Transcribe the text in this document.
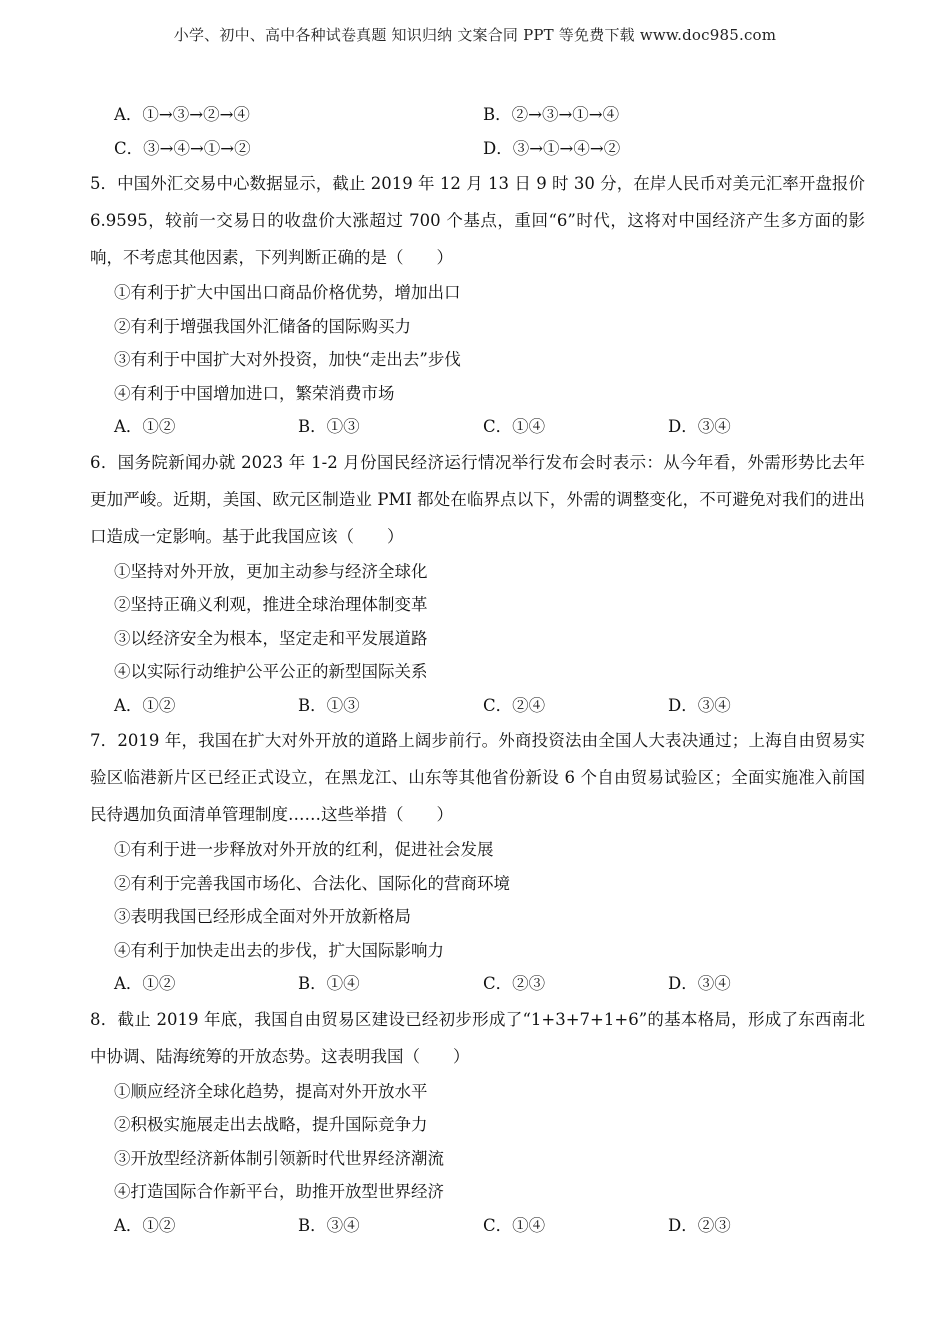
小学、初中、高中各种试卷真题 知识归纳 文案合同 PPT 等免费下载 www.doc985.com
A．①→③→②→④	B．②→③→①→④
C．③→④→①→②	D．③→①→④→②
5．中国外汇交易中心数据显示，截止 2019 年 12 月 13 日 9 时 30 分，在岸人民币对美元汇率开盘报价 6.9595，较前一交易日的收盘价大涨超过 700 个基点，重回“6”时代，这将对中国经济产生多方面的影响，不考虑其他因素，下列判断正确的是（　　）
①有利于扩大中国出口商品价格优势，增加出口
②有利于增强我国外汇储备的国际购买力
③有利于中国扩大对外投资，加快“走出去”步伐
④有利于中国增加进口，繁荣消费市场
A．①②	B．①③	C．①④	D．③④
6．国务院新闻办就 2023 年 1-2 月份国民经济运行情况举行发布会时表示：从今年看，外需形势比去年更加严峻。近期，美国、欧元区制造业 PMI 都处在临界点以下，外需的调整变化，不可避免对我们的进出口造成一定影响。基于此我国应该（　　）
①坚持对外开放，更加主动参与经济全球化
②坚持正确义利观，推进全球治理体制变革
③以经济安全为根本，坚定走和平发展道路
④以实际行动维护公平公正的新型国际关系
A．①②	B．①③	C．②④	D．③④
7．2019 年，我国在扩大对外开放的道路上阔步前行。外商投资法由全国人大表决通过；上海自由贸易实验区临港新片区已经正式设立，在黑龙江、山东等其他省份新设 6 个自由贸易试验区；全面实施准入前国民待遇加负面清单管理制度……这些举措（　　）
①有利于进一步释放对外开放的红利，促进社会发展
②有利于完善我国市场化、合法化、国际化的营商环境
③表明我国已经形成全面对外开放新格局
④有利于加快走出去的步伐，扩大国际影响力
A．①②	B．①④	C．②③	D．③④
8．截止 2019 年底，我国自由贸易区建设已经初步形成了“1+3+7+1+6”的基本格局，形成了东西南北中协调、陆海统筹的开放态势。这表明我国（　　）
①顺应经济全球化趋势，提高对外开放水平
②积极实施展走出去战略，提升国际竞争力
③开放型经济新体制引领新时代世界经济潮流
④打造国际合作新平台，助推开放型世界经济
A．①②	B．③④	C．①④	D．②③
